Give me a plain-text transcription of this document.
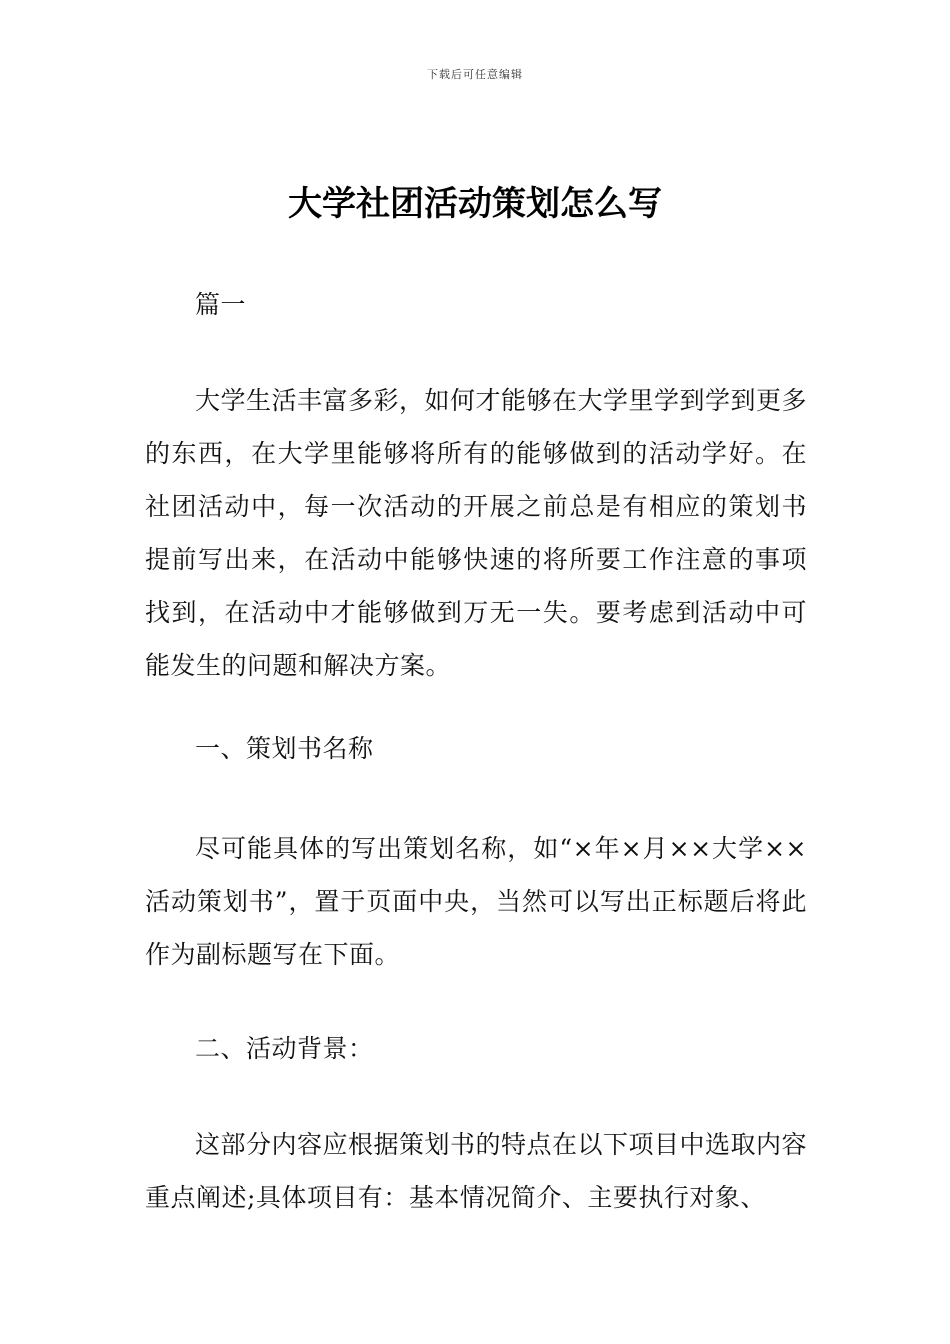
下载后可任意编辑
大学社团活动策划怎么写

篇一

大学生活丰富多彩，如何才能够在大学里学到学到更多的东西，在大学里能够将所有的能够做到的活动学好。在社团活动中，每一次活动的开展之前总是有相应的策划书提前写出来，在活动中能够快速的将所要工作注意的事项找到，在活动中才能够做到万无一失。要考虑到活动中可能发生的问题和解决方案。

一、策划书名称

尽可能具体的写出策划名称，如“×年×月××大学××活动策划书”，置于页面中央，当然可以写出正标题后将此作为副标题写在下面。

二、活动背景：

这部分内容应根据策划书的特点在以下项目中选取内容重点阐述;具体项目有：基本情况简介、主要执行对象、
